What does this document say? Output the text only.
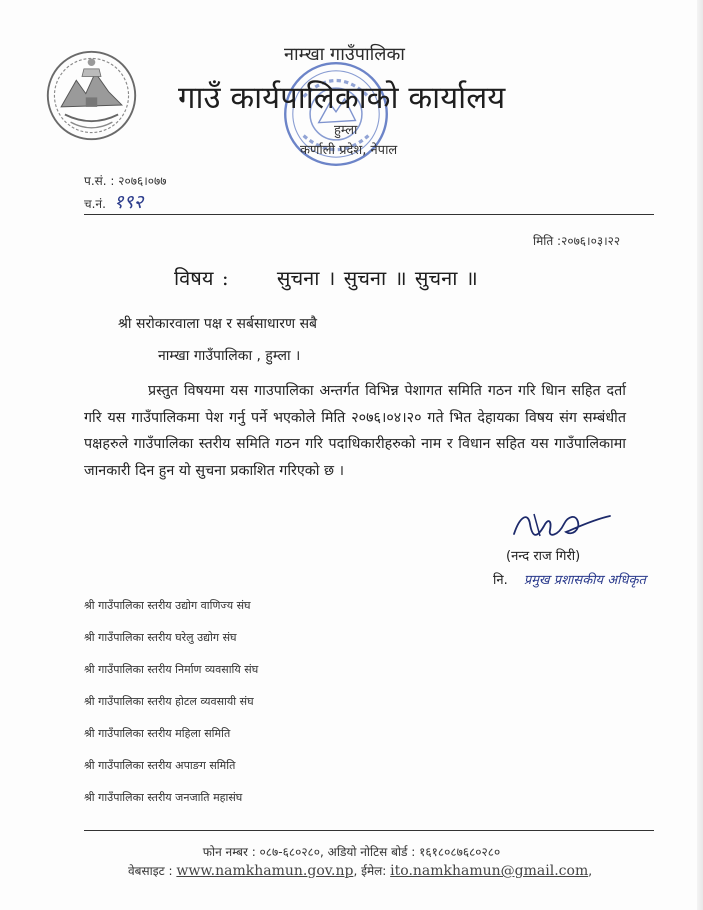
नाम्खा गाउँपालिका
गाउँ कार्यपालिकाको कार्यालय
हुम्ला
कर्णाली प्रदेश, नेपाल
प.सं. : २०७६।०७७
च.नं. १९२
मिति :२०७६।०३।२२
विषय : सुचना । सुचना ॥ सुचना ॥
श्री सरोकारवाला पक्ष र सर्बसाधारण सबै
नाम्खा गाउँपालिका , हुम्ला ।
प्रस्तुत विषयमा यस गाउपालिका अन्तर्गत विभिन्न पेशागत समिति गठन गरि धिान सहित दर्ता गरि यस गाउँपालिकमा पेश गर्नु पर्ने भएकोले मिति २०७६।०४।२० गते भित देहायका विषय संग सम्बंधीत पक्षहरुले गाउँपालिका स्तरीय समिति गठन गरि पदाधिकारीहरुको नाम र विधान सहित यस गाउँपालिकामा जानकारी दिन हुन यो सुचना प्रकाशित गरिएको छ ।
(नन्द राज गिरी)
नि. प्रमुख प्रशासकीय अधिकृत
श्री गाउँपालिका स्तरीय उद्योग वाणिज्य संघ
श्री गाउँपालिका स्तरीय घरेलु उद्योग संघ
श्री गाउँपालिका स्तरीय निर्माण व्यवसायि संघ
श्री गाउँपालिका स्तरीय होटल व्यवसायी संघ
श्री गाउँपालिका स्तरीय महिला समिति
श्री गाउँपालिका स्तरीय अपाङग समिति
श्री गाउँपालिका स्तरीय जनजाति महासंघ
फोन नम्बर : ०८७-६८०२८०, अडियो नोटिस बोर्ड : १६१८०८७६८०२८०
वेबसाइट : www.namkhamun.gov.np, ईमेल: ito.namkhamun@gmail.com,
